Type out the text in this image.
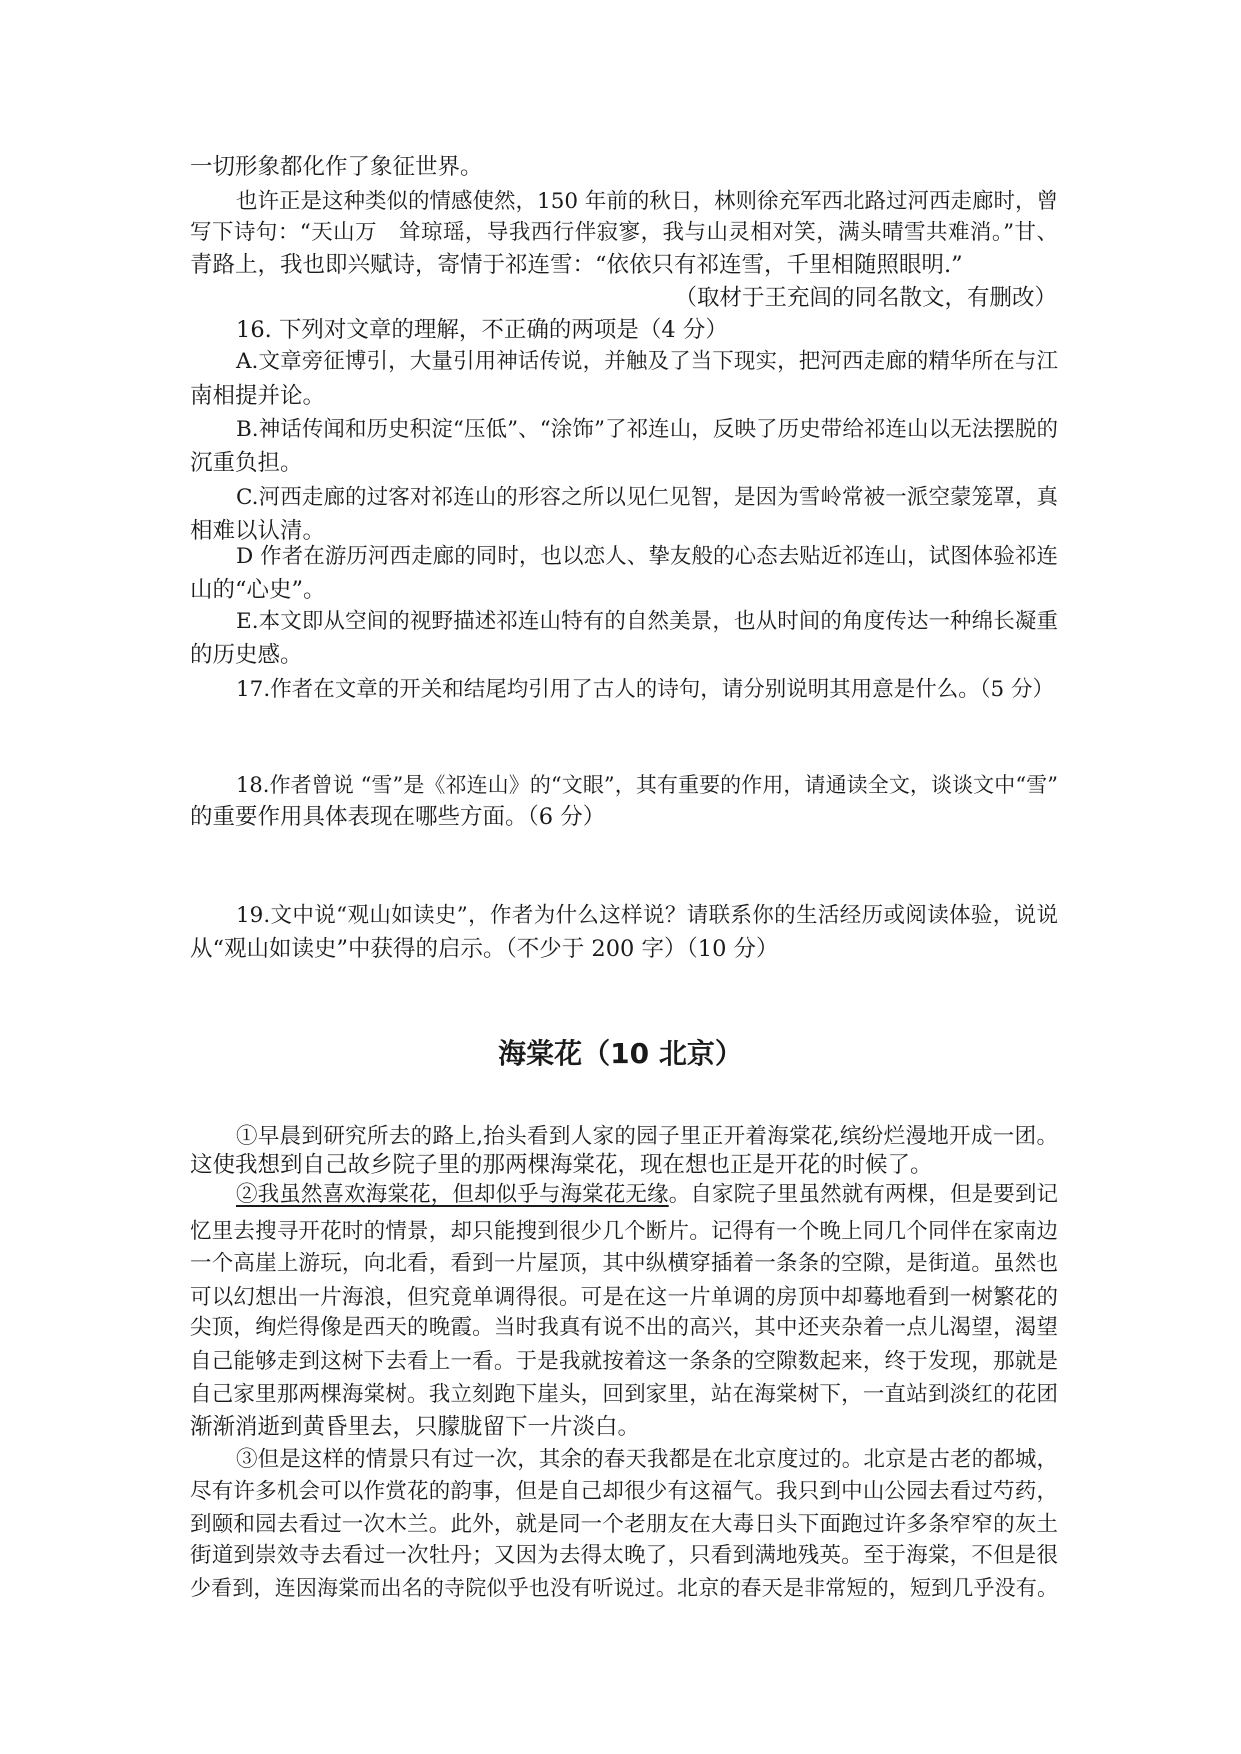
一切形象都化作了象征世界。
也许正是这种类似的情感使然，150 年前的秋日，林则徐充军西北路过河西走廊时，曾
写下诗句：“天山万　耸琼瑶，导我西行伴寂寥，我与山灵相对笑，满头晴雪共难消。”甘、
青路上，我也即兴赋诗，寄情于祁连雪：“依依只有祁连雪，千里相随照眼明.”
（取材于王充闾的同名散文，有删改）
16. 下列对文章的理解，不正确的两项是（4 分）
A.文章旁征博引，大量引用神话传说，并触及了当下现实，把河西走廊的精华所在与江
南相提并论。
B.神话传闻和历史积淀“压低”、“涂饰”了祁连山，反映了历史带给祁连山以无法摆脱的
沉重负担。
C.河西走廊的过客对祁连山的形容之所以见仁见智，是因为雪岭常被一派空蒙笼罩，真
相难以认清。
D 作者在游历河西走廊的同时，也以恋人、挚友般的心态去贴近祁连山，试图体验祁连
山的“心史”。
E.本文即从空间的视野描述祁连山特有的自然美景，也从时间的角度传达一种绵长凝重
的历史感。
17.作者在文章的开关和结尾均引用了古人的诗句，请分别说明其用意是什么。（5 分）
18.作者曾说 “雪”是《祁连山》的“文眼”，其有重要的作用，请通读全文，谈谈文中“雪”
的重要作用具体表现在哪些方面。（6 分）
19.文中说“观山如读史”，作者为什么这样说？请联系你的生活经历或阅读体验，说说
从“观山如读史”中获得的启示。（不少于 200 字）（10 分）
海棠花（10 北京）
①早晨到研究所去的路上,抬头看到人家的园子里正开着海棠花,缤纷烂漫地开成一团。
这使我想到自己故乡院子里的那两棵海棠花，现在想也正是开花的时候了。
②我虽然喜欢海棠花，但却似乎与海棠花无缘。自家院子里虽然就有两棵，但是要到记
忆里去搜寻开花时的情景，却只能搜到很少几个断片。记得有一个晚上同几个同伴在家南边
一个高崖上游玩，向北看，看到一片屋顶，其中纵横穿插着一条条的空隙，是街道。虽然也
可以幻想出一片海浪，但究竟单调得很。可是在这一片单调的房顶中却蓦地看到一树繁花的
尖顶，绚烂得像是西天的晚霞。当时我真有说不出的高兴，其中还夹杂着一点儿渴望，渴望
自己能够走到这树下去看上一看。于是我就按着这一条条的空隙数起来，终于发现，那就是
自己家里那两棵海棠树。我立刻跑下崖头，回到家里，站在海棠树下，一直站到淡红的花团
渐渐消逝到黄昏里去，只朦胧留下一片淡白。
③但是这样的情景只有过一次，其余的春天我都是在北京度过的。北京是古老的都城，
尽有许多机会可以作赏花的韵事，但是自己却很少有这福气。我只到中山公园去看过芍药，
到颐和园去看过一次木兰。此外，就是同一个老朋友在大毒日头下面跑过许多条窄窄的灰土
街道到崇效寺去看过一次牡丹；又因为去得太晚了，只看到满地残英。至于海棠，不但是很
少看到，连因海棠而出名的寺院似乎也没有听说过。北京的春天是非常短的，短到几乎没有。
